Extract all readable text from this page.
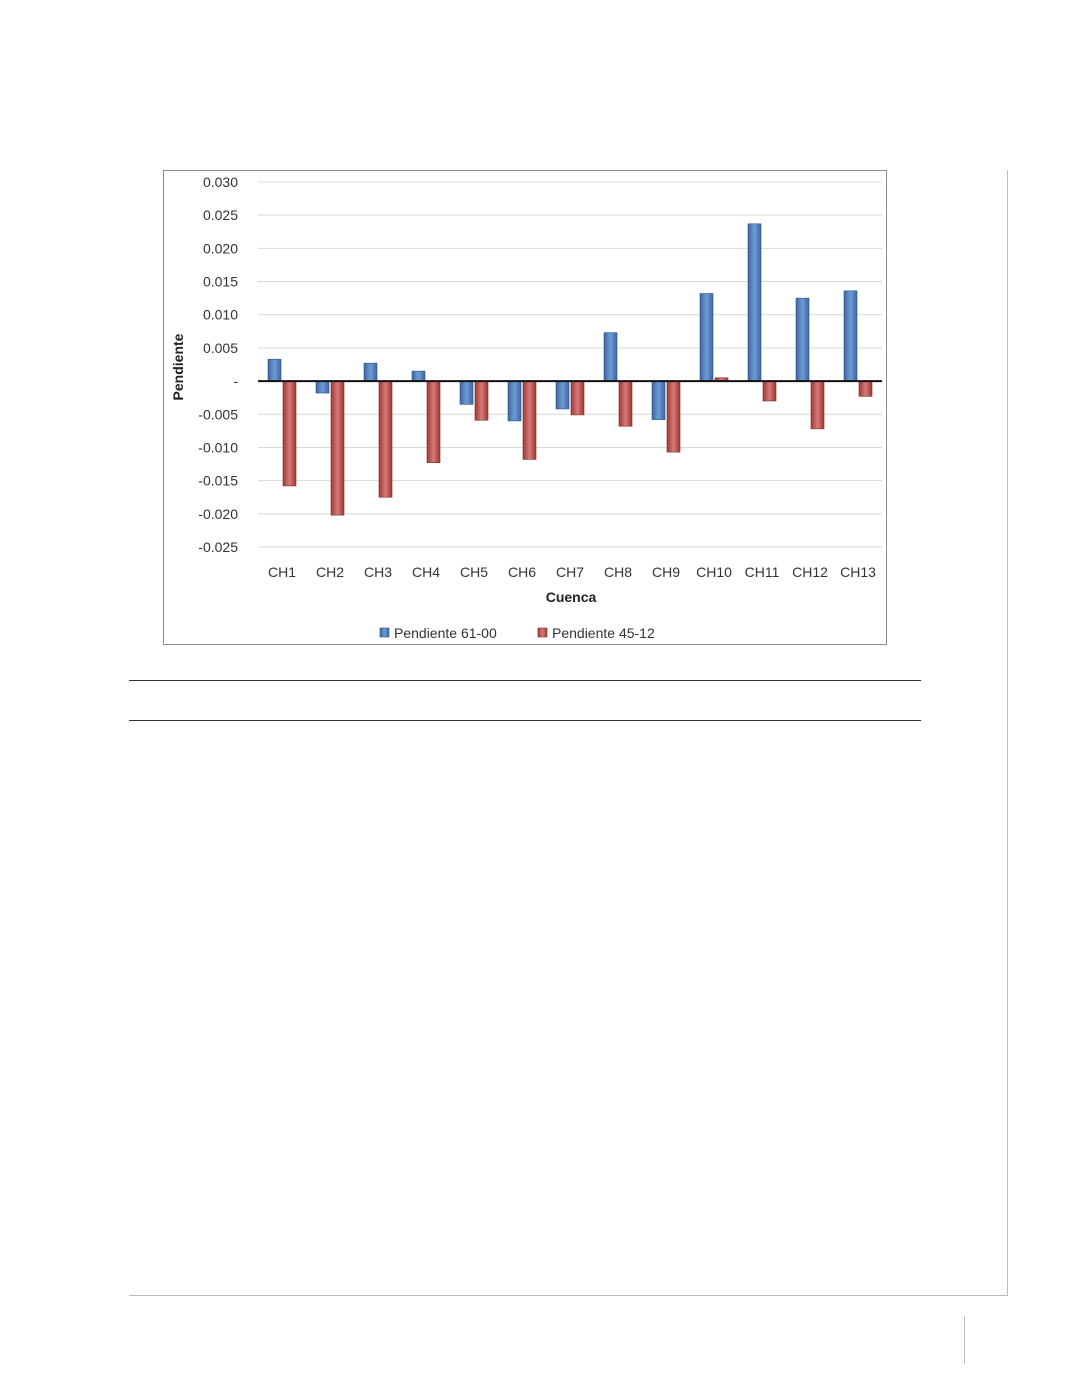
0.030
0.025
0.020
0.015
0.010
0.005
-
-0.005
-0.010
-0.015
-0.020
-0.025
CH1 CH2 CH3 CH4 CH5 CH6 CH7 CH8 CH9 CH10 CH11 CH12 CH13
Pendiente
Cuenca
Pendiente 61-00	Pendiente 45-12
